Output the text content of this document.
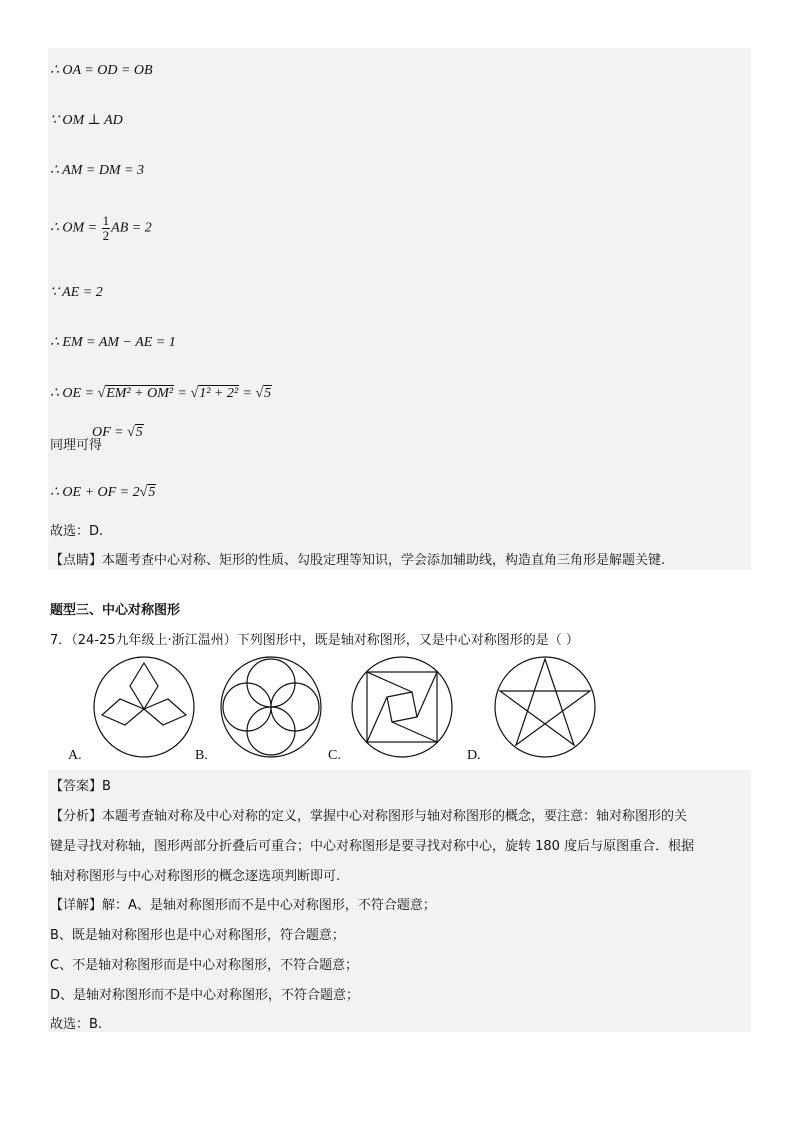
∴ OA = OD = OB
∵ OM ⊥ AD
∴ AM = DM = 3
∴ OM = $\frac{1}{2}$ AB = 2
∵ AE = 2
∴ EM = AM − AE = 1
∴ OE = √EM² + OM² = √1² + 2² = √5
OF = √5
同理可得
∴ OE + OF = 2√5
故选：D.
【点睛】本题考查中心对称、矩形的性质、勾股定理等知识，学会添加辅助线，构造直角三角形是解题关键.
题型三、中心对称图形
7．（24-25九年级上·浙江温州）下列图形中，既是轴对称图形，又是中心对称图形的是（ ）
A.	B.	C.	D.
【答案】B
【分析】本题考查轴对称及中心对称的定义，掌握中心对称图形与轴对称图形的概念，要注意：轴对称图形的关
键是寻找对称轴，图形两部分折叠后可重合；中心对称图形是要寻找对称中心，旋转 180 度后与原图重合．根据
轴对称图形与中心对称图形的概念逐选项判断即可.
【详解】解：A、是轴对称图形而不是中心对称图形，不符合题意；
B、既是轴对称图形也是中心对称图形，符合题意；
C、不是轴对称图形而是中心对称图形，不符合题意；
D、是轴对称图形而不是中心对称图形，不符合题意；
故选：B.
